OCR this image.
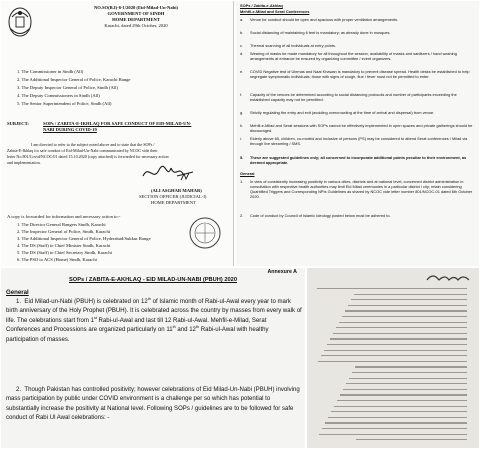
NO.SO(B.I)-6-1/2020 (Eid-Milad-Un-Nabi)
GOVERNMENT OF SINDH
HOME DEPARTMENT
Karachi, dated 29th October, 2020
1. The Commissioner in Sindh (All)
2. The Additional Inspector General of Police, Karachi Range
3. The Deputy Inspector General of Police, Sindh (All)
4. The Deputy Commissioners in Sindh (All)
5. The Senior Superintendent of Police, Sindh (All)
SUBJECT:	SOPs / ZABITA-E-IKHLAQ FOR SAFE CONDUCT OF EID-MILAD-UN-
NABI DURING COVID-19
I am directed to refer to the subject noted above and to state that the SOPs /
Zabita-E-Ikhlaq for safe conduct of Eid-Milad-Un-Nabi communicated by NCOC vide their
letter No.801/Covid/NCOC/01 dated 15.10.2020 (copy attached) is forwarded for necessary action
and implementation.
(ALI ASGHAR MAHAR)
SECTION OFFICER (JUDICIAL-I)
HOME DEPARTMENT
A copy is forwarded for information and necessary action to:-
1. The Director General Rangers Sindh, Karachi
2. The Inspector General of Police, Sindh, Karachi
3. The Additional Inspector General of Police, Hyderabad/Sukkur Range
4. The DS (Staff) to Chief Minister Sindh, Karachi
5. The DS (Staff) to Chief Secretary Sindh, Karachi
6. The PSO to ACS (Home) Sindh, Karachi
SOPs / Zabita-e-Akhlaq
Mehfil-e-Milad and Serat Conferences
a. Venue for conduct should be open and spacious with proper ventilation arrangements.
b. Social distancing of maintaining 6 feet is mandatory; as already done in mosques.
c. Thermal scanning of all individuals at entry points.
d. Wearing of masks be made mandatory for all throughout the session, availability of masks and sanitizers / hand washing arrangements at entrance be ensured by organizing committee / event organizers.
e. COVID Negative test of Ulemas and Naat Khawan is mandatory to prevent disease spread. Health desks be established to help segregate symptomatic individuals; those with signs of cough, flue / fever must not be permitted to enter.
f. Capacity of the venues be determined according to social distancing protocols and number of participants exceeding the established capacity may not be permitted.
g. Strictly regulating the entry and exit (avoiding overcrowding at the time of arrival and dispersal) from venue.
h. Mehfil-e-Milad and Serat sessions with SOPs cannot be effectively implemented in open spaces and private gatherings should be discouraged.
i. Elderly above 65, children, co-morbid and inclusive of persons (PS) may be considered to attend Serat conferences / Milad via through live streaming / SMS.
5. These are suggested guidelines only; all concerned to incorporate additional points peculiar to their environment, as deemed appropriate.
General
1. In view of consistently increasing positivity in various cities, districts and at national level, concerned district administration in consultation with respective health authorities may limit Eid Milad ceremonies in a particular district / city; retain considering Quantified Triggers and Corresponding NPIs Guidelines as shared by NCOC vide letter number 801/NCOC-01 dated 6th October 2020.
2. Code of conduct by Council of Islamic Ideology posted below must be adhered to.
Annexure A
SOPs / ZABITA-E-AKHLAQ - EID MILAD-UN-NABI (PBUH) 2020
General
1. Eid Milad-un-Nabi (PBUH) is celebrated on 12th of Islamic month of Rabi-ul-Awal every year to mark birth anniversary of the Holy Prophet (PBUH). It is celebrated across the country by masses from every walk of life. The celebrations start from 1st Rabi-ul-Awal and last till 12 Rabi-ul-Awal. Mehfil-e-Milad, Serat Conferences and Processions are organized particularly on 11th and 12th Rabi-ul-Awal with healthy participation of masses.
2. Though Pakistan has controlled positivity; however celebrations of Eid Milad-Un-Nabi (PBUH) involving mass participation by public under COVID environment is a challenge per so which has potential to substantially increase the positivity at National level. Following SOPs / guidelines are to be followed for safe conduct of Rabi Ul Awal celebrations: -
